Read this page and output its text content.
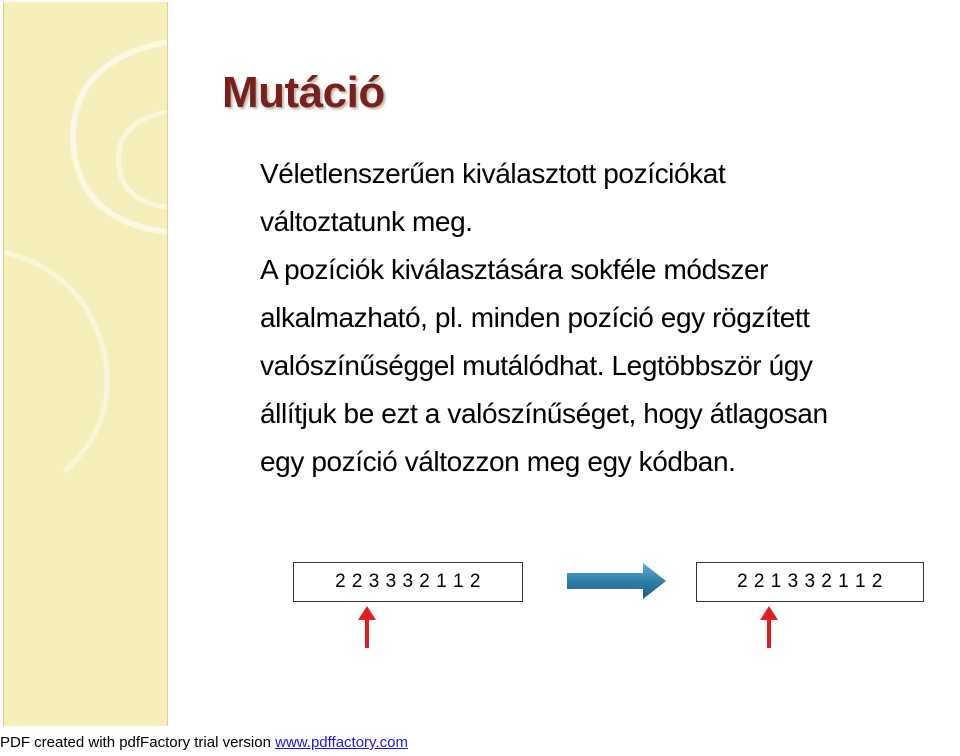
Mutáció
Véletlenszerűen kiválasztott pozíciókat
változtatunk meg.
A pozíciók kiválasztására sokféle módszer
alkalmazható, pl. minden pozíció egy rögzített
valószínűséggel mutálódhat. Legtöbbször úgy
állítjuk be ezt a valószínűséget, hogy átlagosan
egy pozíció változzon meg egy kódban.
2 2 3 3 3 2 1 1 2	2 2 1 3 3 2 1 1 2
PDF created with pdfFactory trial version www.pdffactory.com
